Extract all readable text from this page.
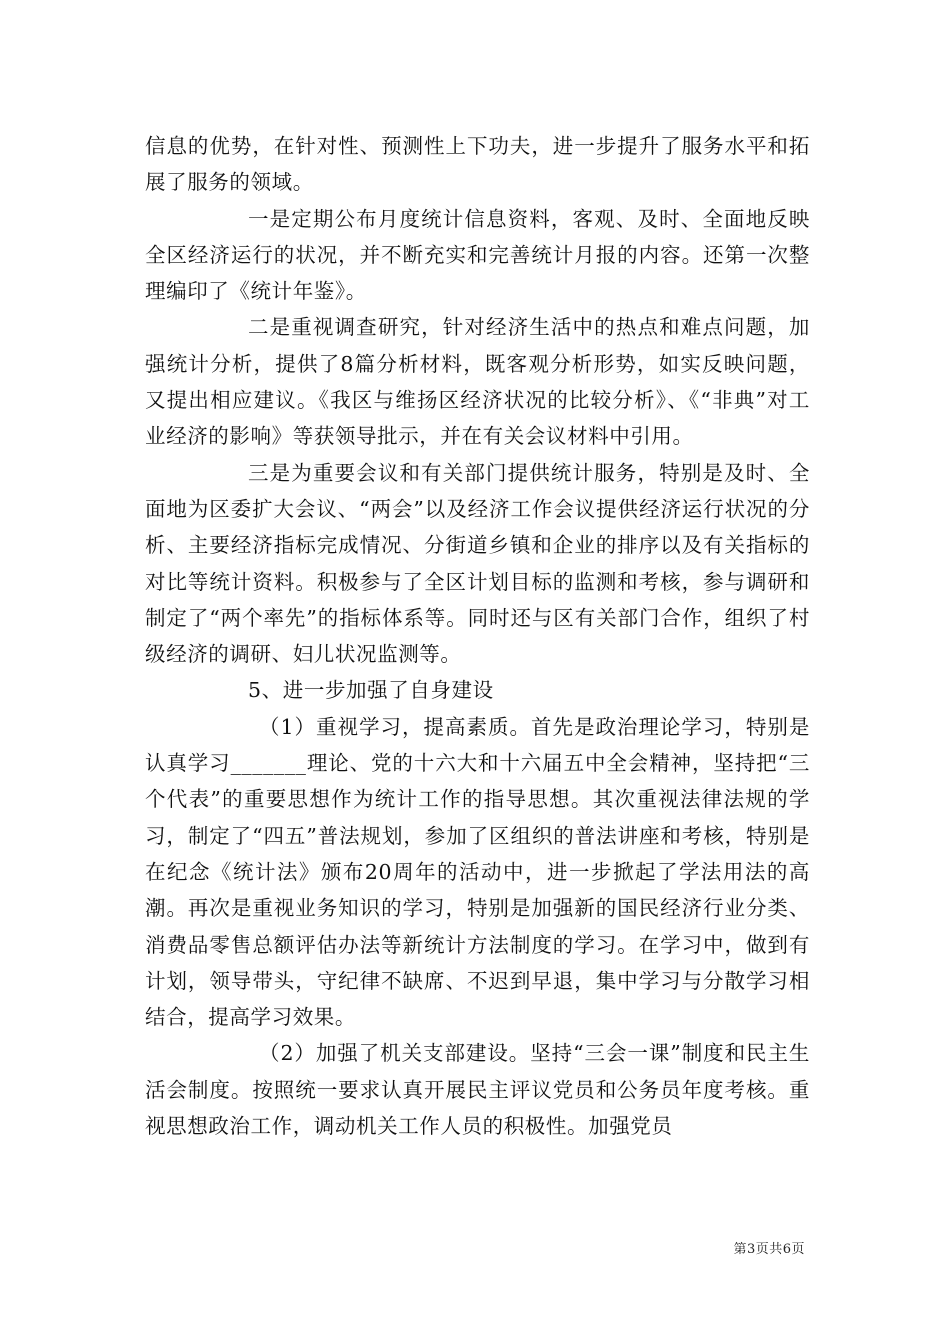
信息的优势，在针对性、预测性上下功夫，进一步提升了服务水平和拓展了服务的领域。

一是定期公布月度统计信息资料，客观、及时、全面地反映全区经济运行的状况，并不断充实和完善统计月报的内容。还第一次整理编印了《统计年鉴》。

二是重视调查研究，针对经济生活中的热点和难点问题，加强统计分析，提供了8篇分析材料，既客观分析形势，如实反映问题，又提出相应建议。《我区与维扬区经济状况的比较分析》、《“非典”对工业经济的影响》等获领导批示，并在有关会议材料中引用。

三是为重要会议和有关部门提供统计服务，特别是及时、全面地为区委扩大会议、“两会”以及经济工作会议提供经济运行状况的分析、主要经济指标完成情况、分街道乡镇和企业的排序以及有关指标的对比等统计资料。积极参与了全区计划目标的监测和考核，参与调研和制定了“两个率先”的指标体系等。同时还与区有关部门合作，组织了村级经济的调研、妇儿状况监测等。

5、进一步加强了自身建设

（1）重视学习，提高素质。首先是政治理论学习，特别是认真学习_______理论、党的十六大和十六届五中全会精神，坚持把“三个代表”的重要思想作为统计工作的指导思想。其次重视法律法规的学习，制定了“四五”普法规划，参加了区组织的普法讲座和考核，特别是在纪念《统计法》颁布20周年的活动中，进一步掀起了学法用法的高潮。再次是重视业务知识的学习，特别是加强新的国民经济行业分类、消费品零售总额评估办法等新统计方法制度的学习。在学习中，做到有计划，领导带头，守纪律不缺席、不迟到早退，集中学习与分散学习相结合，提高学习效果。

（2）加强了机关支部建设。坚持“三会一课”制度和民主生活会制度。按照统一要求认真开展民主评议党员和公务员年度考核。重视思想政治工作，调动机关工作人员的积极性。加强党员

第3页共6页
